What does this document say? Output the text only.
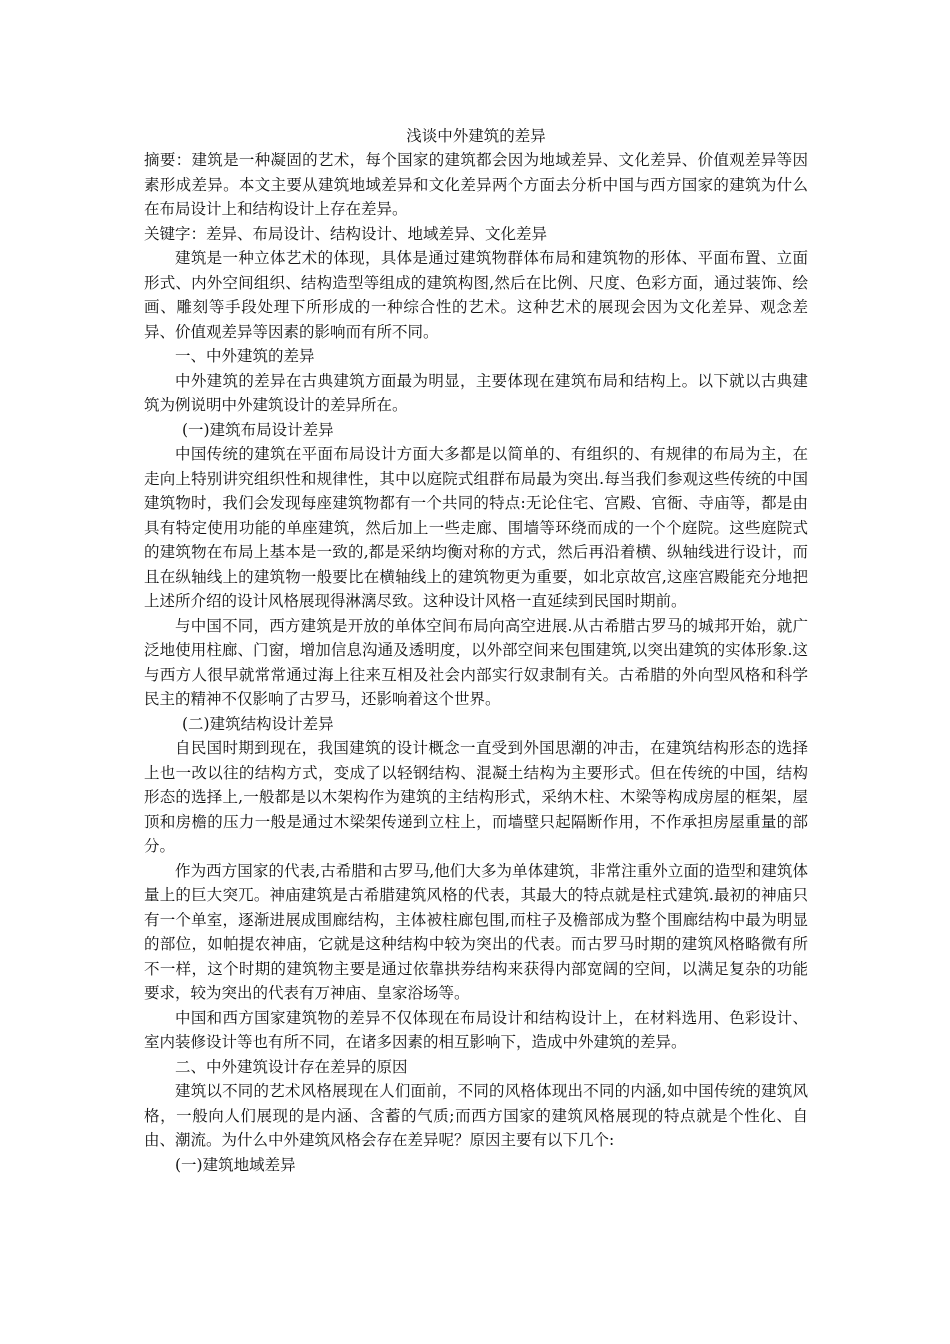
浅谈中外建筑的差异

摘要：建筑是一种凝固的艺术，每个国家的建筑都会因为地域差异、文化差异、价值观差异等因素形成差异。本文主要从建筑地域差异和文化差异两个方面去分析中国与西方国家的建筑为什么在布局设计上和结构设计上存在差异。

关键字：差异、布局设计、结构设计、地域差异、文化差异

建筑是一种立体艺术的体现，具体是通过建筑物群体布局和建筑物的形体、平面布置、立面形式、内外空间组织、结构造型等组成的建筑构图,然后在比例、尺度、色彩方面，通过装饰、绘画、雕刻等手段处理下所形成的一种综合性的艺术。这种艺术的展现会因为文化差异、观念差异、价值观差异等因素的影响而有所不同。

一、中外建筑的差异

中外建筑的差异在古典建筑方面最为明显，主要体现在建筑布局和结构上。以下就以古典建筑为例说明中外建筑设计的差异所在。

(一)建筑布局设计差异

中国传统的建筑在平面布局设计方面大多都是以简单的、有组织的、有规律的布局为主，在走向上特别讲究组织性和规律性，其中以庭院式组群布局最为突出.每当我们参观这些传统的中国建筑物时，我们会发现每座建筑物都有一个共同的特点:无论住宅、宫殿、官衙、寺庙等，都是由具有特定使用功能的单座建筑，然后加上一些走廊、围墙等环绕而成的一个个庭院。这些庭院式的建筑物在布局上基本是一致的,都是采纳均衡对称的方式，然后再沿着横、纵轴线进行设计，而且在纵轴线上的建筑物一般要比在横轴线上的建筑物更为重要，如北京故宫,这座宫殿能充分地把上述所介绍的设计风格展现得淋漓尽致。这种设计风格一直延续到民国时期前。

与中国不同，西方建筑是开放的单体空间布局向高空进展.从古希腊古罗马的城邦开始，就广泛地使用柱廊、门窗，增加信息沟通及透明度，以外部空间来包围建筑,以突出建筑的实体形象.这与西方人很早就常常通过海上往来互相及社会内部实行奴隶制有关。古希腊的外向型风格和科学民主的精神不仅影响了古罗马，还影响着这个世界。

(二)建筑结构设计差异

自民国时期到现在，我国建筑的设计概念一直受到外国思潮的冲击，在建筑结构形态的选择上也一改以往的结构方式，变成了以轻钢结构、混凝土结构为主要形式。但在传统的中国，结构形态的选择上,一般都是以木架构作为建筑的主结构形式，采纳木柱、木梁等构成房屋的框架，屋顶和房檐的压力一般是通过木梁架传递到立柱上，而墙壁只起隔断作用，不作承担房屋重量的部分。

作为西方国家的代表,古希腊和古罗马,他们大多为单体建筑，非常注重外立面的造型和建筑体量上的巨大突兀。神庙建筑是古希腊建筑风格的代表，其最大的特点就是柱式建筑.最初的神庙只有一个单室，逐渐进展成围廊结构，主体被柱廊包围,而柱子及檐部成为整个围廊结构中最为明显的部位，如帕提农神庙，它就是这种结构中较为突出的代表。而古罗马时期的建筑风格略微有所不一样，这个时期的建筑物主要是通过依靠拱券结构来获得内部宽阔的空间，以满足复杂的功能要求，较为突出的代表有万神庙、皇家浴场等。

中国和西方国家建筑物的差异不仅体现在布局设计和结构设计上，在材料选用、色彩设计、室内装修设计等也有所不同，在诸多因素的相互影响下，造成中外建筑的差异。

二、中外建筑设计存在差异的原因

建筑以不同的艺术风格展现在人们面前，不同的风格体现出不同的内涵,如中国传统的建筑风格，一般向人们展现的是内涵、含蓄的气质;而西方国家的建筑风格展现的特点就是个性化、自由、潮流。为什么中外建筑风格会存在差异呢？原因主要有以下几个:

(一)建筑地域差异
